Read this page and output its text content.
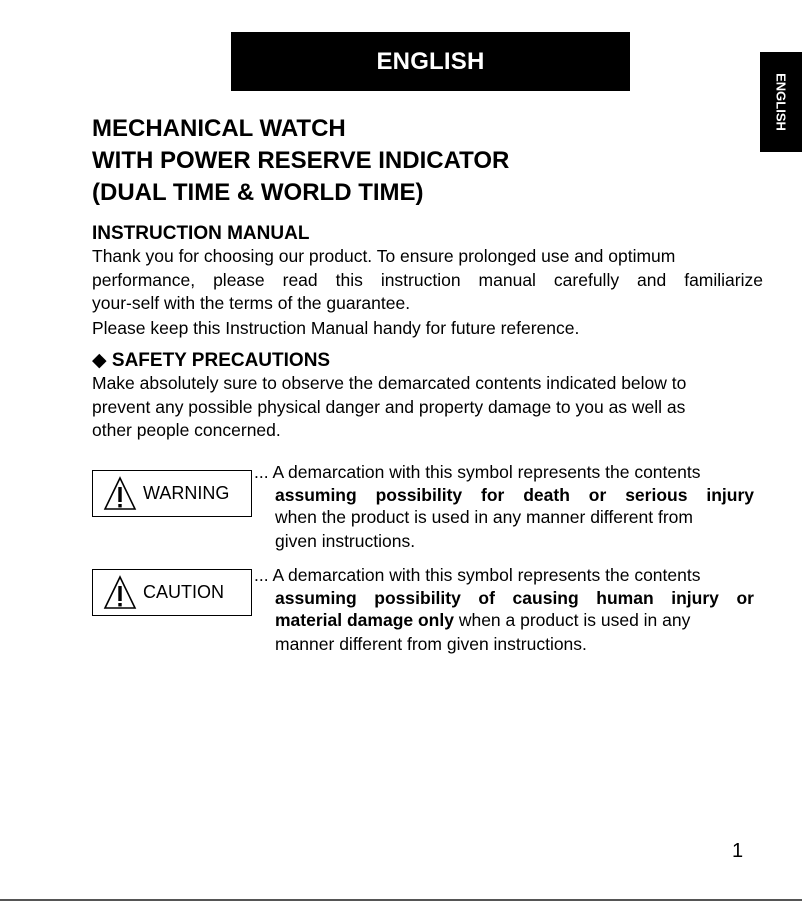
ENGLISH
ENGLISH
MECHANICAL WATCH
WITH POWER RESERVE INDICATOR
(DUAL TIME & WORLD TIME)
INSTRUCTION MANUAL
Thank you for choosing our product. To ensure prolonged use and optimum
performance, please read this instruction manual carefully and familiarize
your-self with the terms of the guarantee.
Please keep this Instruction Manual handy for future reference.
◆ SAFETY PRECAUTIONS
Make absolutely sure to observe the demarcated contents indicated below to
prevent any possible physical danger and property damage to you as well as
other people concerned.
WARNING
... A demarcation with this symbol represents the contents
assuming possibility for death or serious injury
when the product is used in any manner different from
given instructions.
CAUTION
... A demarcation with this symbol represents the contents
assuming possibility of causing human injury or
material damage only when a product is used in any
manner different from given instructions.
1
